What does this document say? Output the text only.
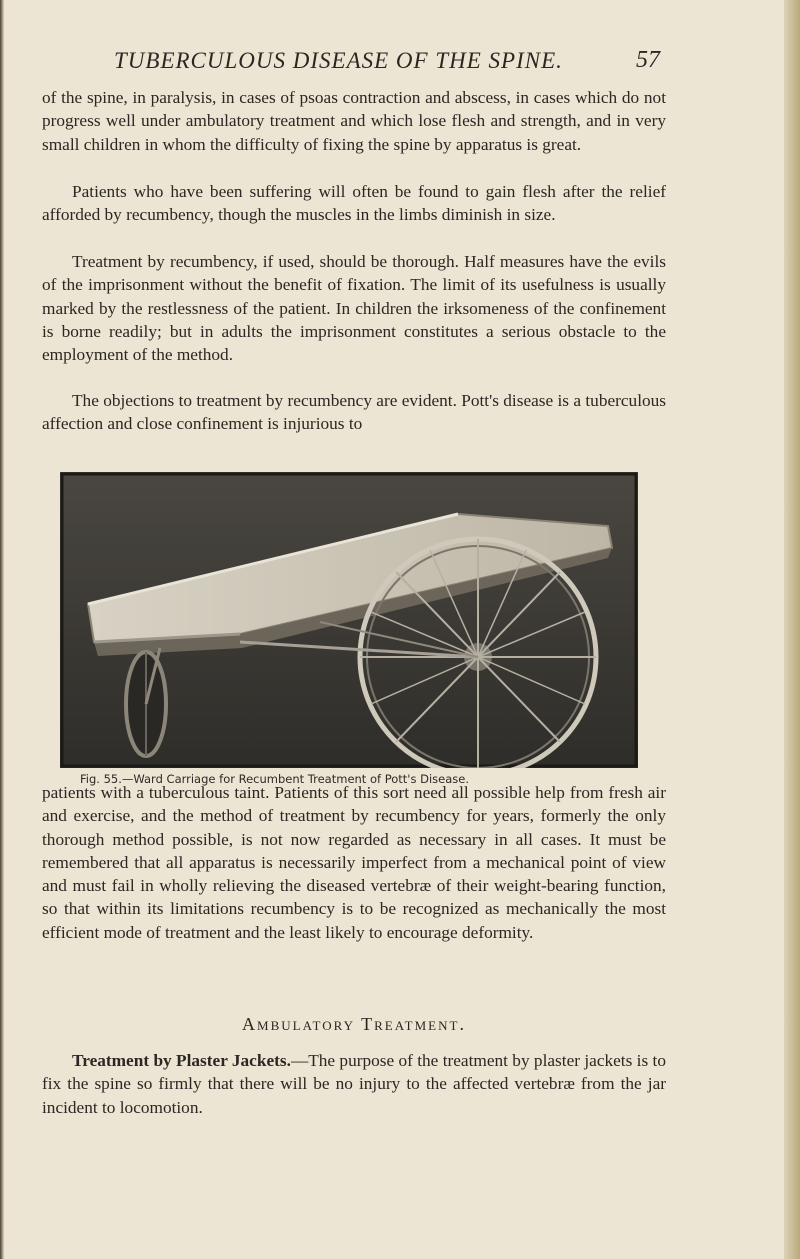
TUBERCULOUS DISEASE OF THE SPINE.	57

of the spine, in paralysis, in cases of psoas contraction and abscess, in cases which do not progress well under ambulatory treatment and which lose flesh and strength, and in very small children in whom the difficulty of fixing the spine by apparatus is great.

Patients who have been suffering will often be found to gain flesh after the relief afforded by recumbency, though the muscles in the limbs diminish in size.

Treatment by recumbency, if used, should be thorough. Half measures have the evils of the imprisonment without the benefit of fixation. The limit of its usefulness is usually marked by the restlessness of the patient. In children the irksomeness of the confinement is borne readily; but in adults the imprisonment constitutes a serious obstacle to the employment of the method.

The objections to treatment by recumbency are evident. Pott's disease is a tuberculous affection and close confinement is injurious to

Fig. 55.—Ward Carriage for Recumbent Treatment of Pott's Disease.

patients with a tuberculous taint. Patients of this sort need all possible help from fresh air and exercise, and the method of treatment by recumbency for years, formerly the only thorough method possible, is not now regarded as necessary in all cases. It must be remembered that all apparatus is necessarily imperfect from a mechanical point of view and must fail in wholly relieving the diseased vertebræ of their weight-bearing function, so that within its limitations recumbency is to be recognized as mechanically the most efficient mode of treatment and the least likely to encourage deformity.

Ambulatory Treatment.

Treatment by Plaster Jackets.—The purpose of the treatment by plaster jackets is to fix the spine so firmly that there will be no injury to the affected vertebræ from the jar incident to locomotion.
